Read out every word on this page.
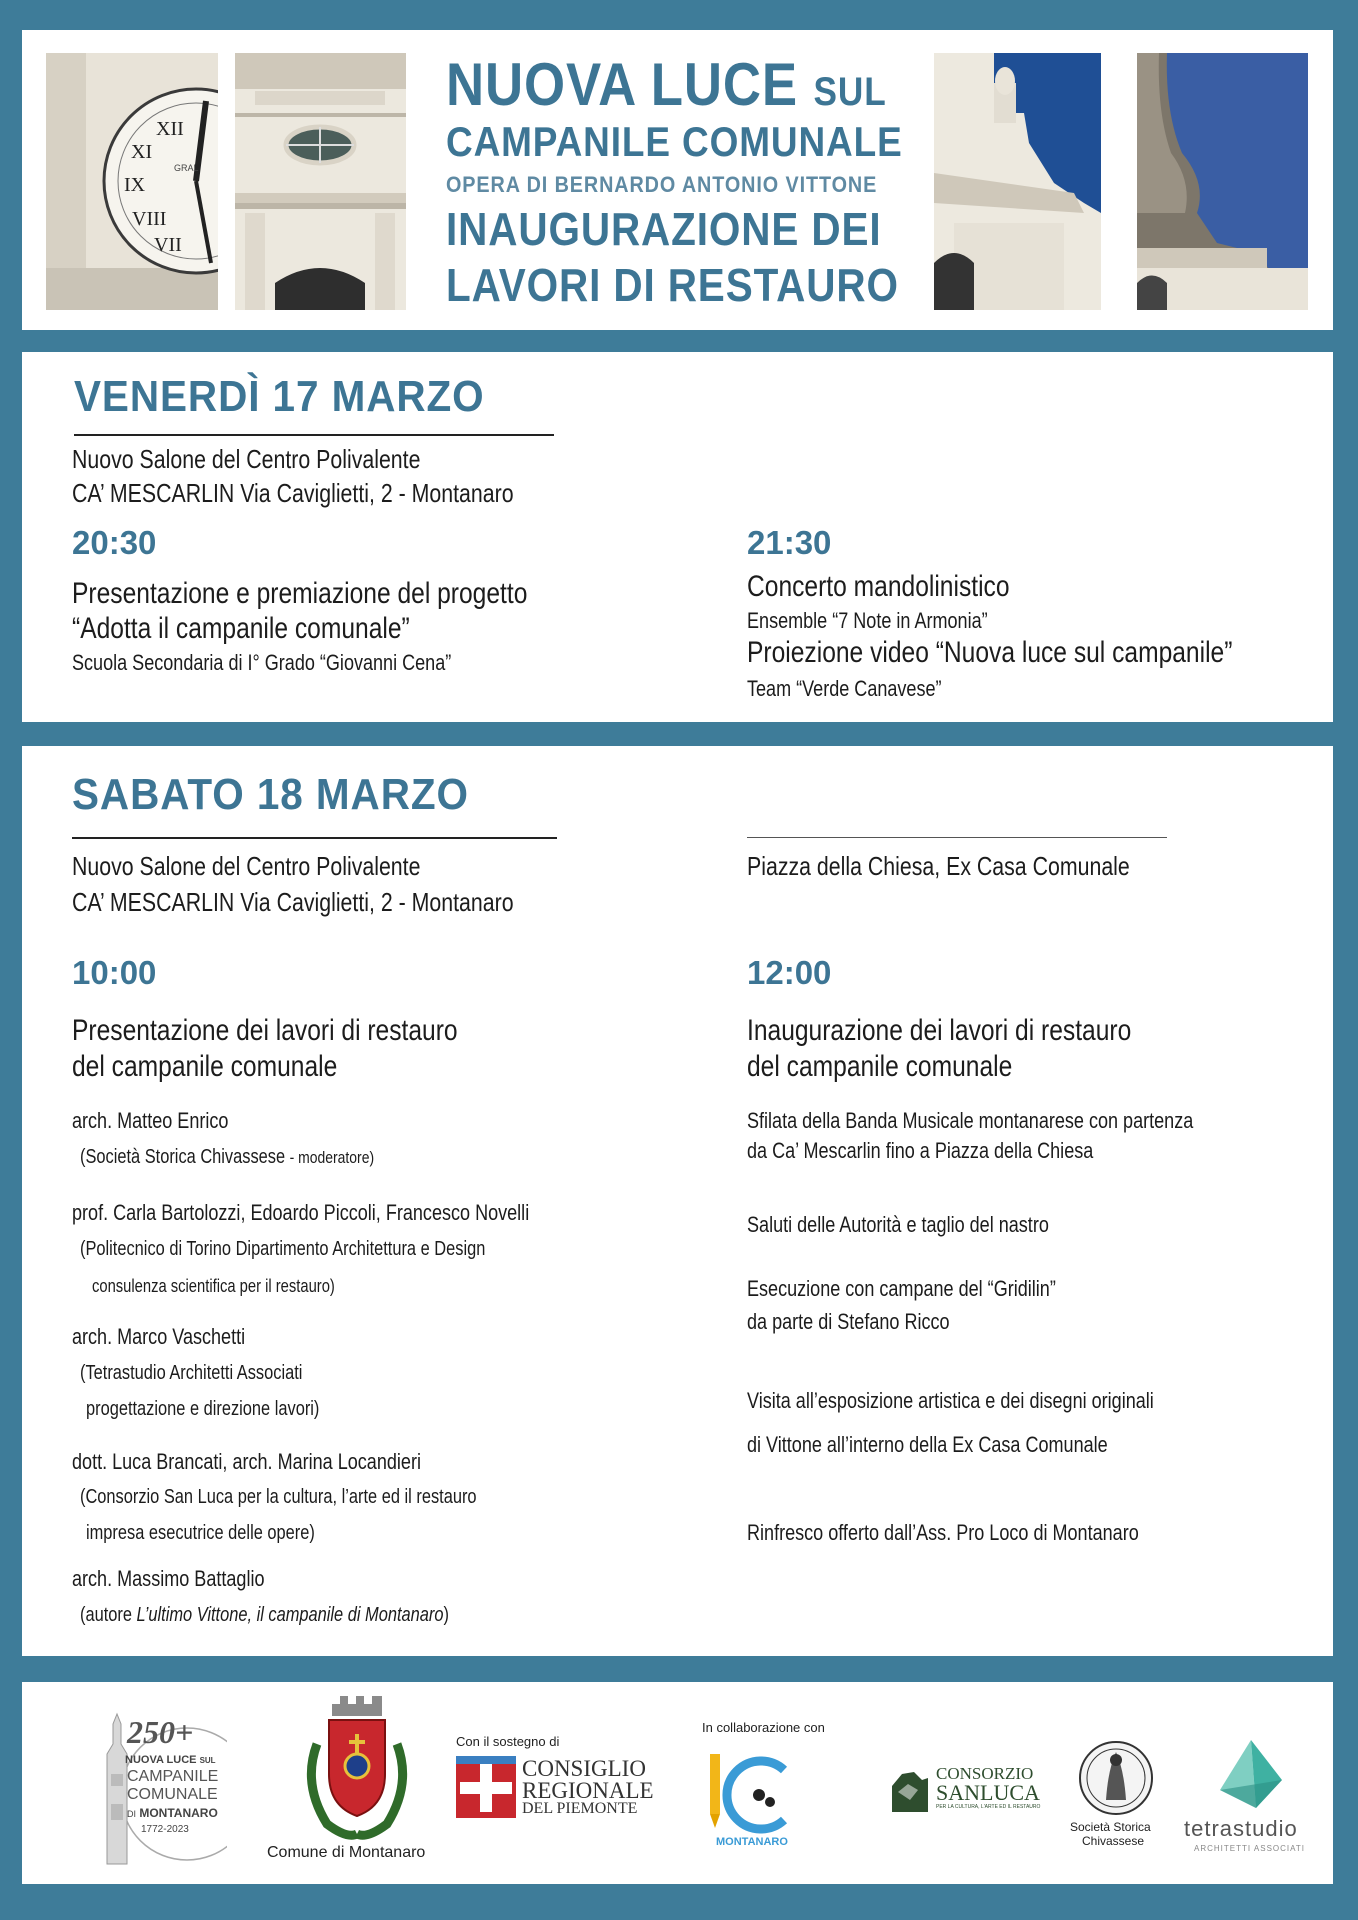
XI
IX
VIII
VII
XII
GRAL
NUOVA LUCE SUL
CAMPANILE COMUNALE
OPERA DI BERNARDO ANTONIO VITTONE
INAUGURAZIONE DEI
LAVORI DI RESTAURO
VENERDÌ 17 MARZO
Nuovo Salone del Centro Polivalente
CA’ MESCARLIN Via Caviglietti, 2 - Montanaro
20:30
Presentazione e premiazione del progetto
“Adotta il campanile comunale”
Scuola Secondaria di I° Grado “Giovanni Cena”
21:30
Concerto mandolinistico
Ensemble “7 Note in Armonia”
Proiezione video “Nuova luce sul campanile”
Team “Verde Canavese”
SABATO 18 MARZO
Nuovo Salone del Centro Polivalente
CA’ MESCARLIN Via Caviglietti, 2 - Montanaro
Piazza della Chiesa, Ex Casa Comunale
10:00
Presentazione dei lavori di restauro
del campanile comunale
arch. Matteo Enrico
(Società Storica Chivassese - moderatore)
prof. Carla Bartolozzi, Edoardo Piccoli, Francesco Novelli
(Politecnico di Torino Dipartimento Architettura e Design
consulenza scientifica per il restauro)
arch. Marco Vaschetti
(Tetrastudio Architetti Associati
progettazione e direzione lavori)
dott. Luca Brancati, arch. Marina Locandieri
(Consorzio San Luca per la cultura, l’arte ed il restauro
impresa esecutrice delle opere)
arch. Massimo Battaglio
(autore L’ultimo Vittone, il campanile di Montanaro)
12:00
Inaugurazione dei lavori di restauro
del campanile comunale
Sfilata della Banda Musicale montanarese con partenza
da Ca’ Mescarlin fino a Piazza della Chiesa
Saluti delle Autorità e taglio del nastro
Esecuzione con campane del “Gridilin”
da parte di Stefano Ricco
Visita all’esposizione artistica e dei disegni originali
di Vittone all’interno della Ex Casa Comunale
Rinfresco offerto dall’Ass. Pro Loco di Montanaro
250+
NUOVA LUCE SUL
CAMPANILE
COMUNALE
DI MONTANARO
1772-2023
Comune di Montanaro
Con il sostegno di
CONSIGLIO
REGIONALE
DEL PIEMONTE
In collaborazione con
MONTANARO
CONSORZIO
SANLUCA
PER LA CULTURA, L'ARTE ED IL RESTAURO
Società Storica
Chivassese tetrastudio
ARCHITETTI ASSOCIATI
